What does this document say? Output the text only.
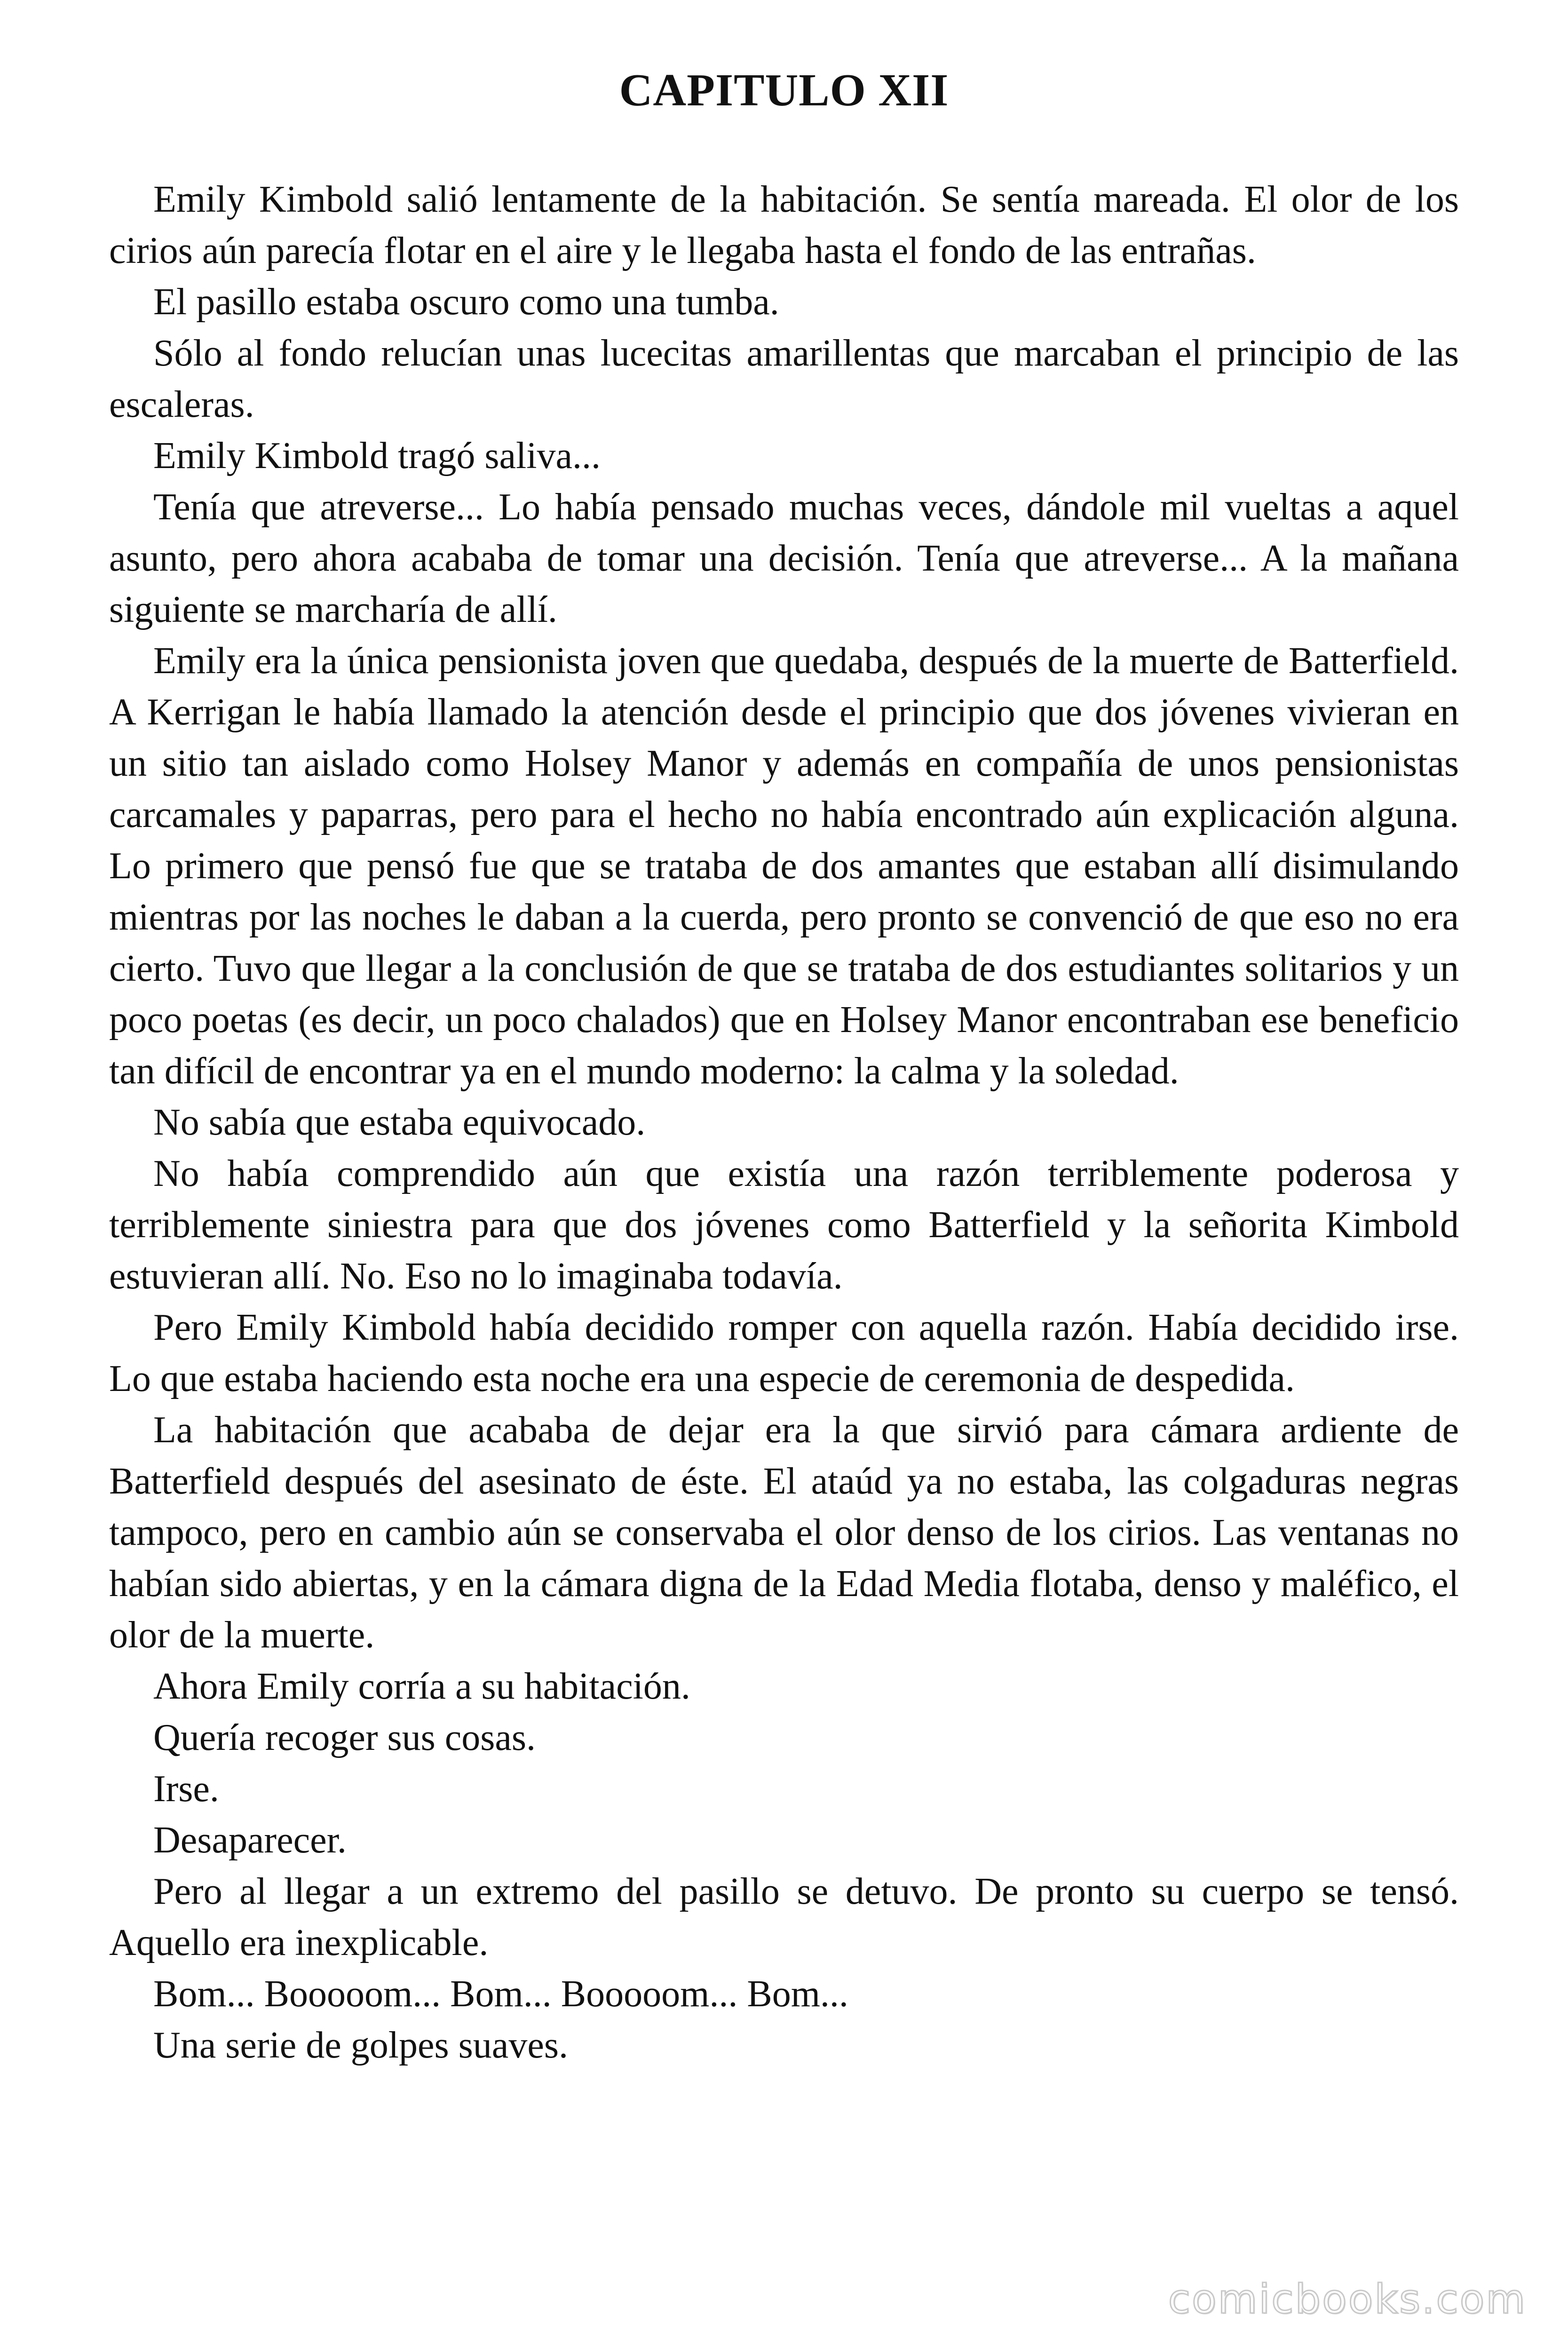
CAPITULO XII

Emily Kimbold salió lentamente de la habitación. Se sentía mareada. El olor de los cirios aún parecía flotar en el aire y le llegaba hasta el fondo de las entrañas.

El pasillo estaba oscuro como una tumba.

Sólo al fondo relucían unas lucecitas amarillentas que marcaban el principio de las escaleras.

Emily Kimbold tragó saliva...

Tenía que atreverse... Lo había pensado muchas veces, dándole mil vueltas a aquel asunto, pero ahora acababa de tomar una decisión. Tenía que atreverse... A la mañana siguiente se marcharía de allí.

Emily era la única pensionista joven que quedaba, después de la muerte de Batterfield. A Kerrigan le había llamado la atención desde el principio que dos jóvenes vivieran en un sitio tan aislado como Holsey Manor y además en compañía de unos pensionistas carcamales y paparras, pero para el hecho no había encontrado aún explicación alguna. Lo primero que pensó fue que se trataba de dos amantes que estaban allí disimulando mientras por las noches le daban a la cuerda, pero pronto se convenció de que eso no era cierto. Tuvo que llegar a la conclusión de que se trataba de dos estudiantes solitarios y un poco poetas (es decir, un poco chalados) que en Holsey Manor encontraban ese beneficio tan difícil de encontrar ya en el mundo moderno: la calma y la soledad.

No sabía que estaba equivocado.

No había comprendido aún que existía una razón terriblemente poderosa y terriblemente siniestra para que dos jóvenes como Batterfield y la señorita Kimbold estuvieran allí. No. Eso no lo imaginaba todavía.

Pero Emily Kimbold había decidido romper con aquella razón. Había decidido irse. Lo que estaba haciendo esta noche era una especie de ceremonia de despedida.

La habitación que acababa de dejar era la que sirvió para cámara ardiente de Batterfield después del asesinato de éste. El ataúd ya no estaba, las colgaduras negras tampoco, pero en cambio aún se conservaba el olor denso de los cirios. Las ventanas no habían sido abiertas, y en la cámara digna de la Edad Media flotaba, denso y maléfico, el olor de la muerte.

Ahora Emily corría a su habitación.

Quería recoger sus cosas.

Irse.

Desaparecer.

Pero al llegar a un extremo del pasillo se detuvo. De pronto su cuerpo se tensó. Aquello era inexplicable.

Bom... Booooom... Bom... Booooom... Bom...

Una serie de golpes suaves.

comicbooks.com
